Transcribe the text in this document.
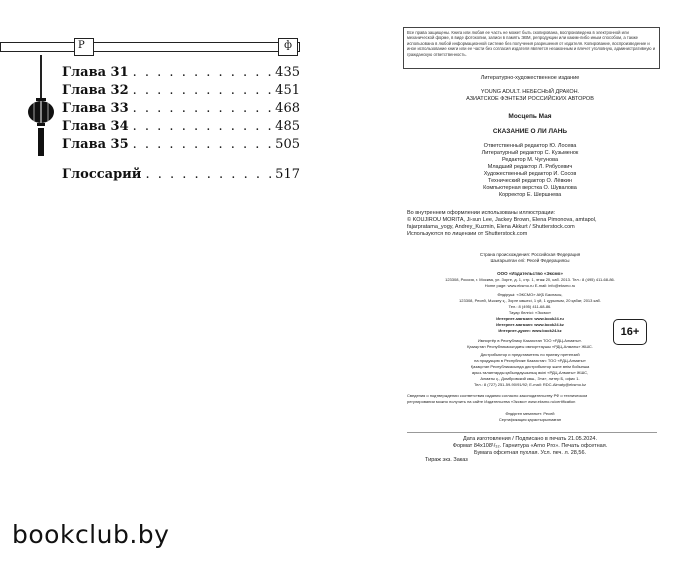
P	ф
Глава 31 . . .	435
Глава 32 . . .	451
Глава 33 . . .	468
Глава 34 . . .	485
Глава 35 . . .	505
Глоссарий . . .	517
bookclub.by
Все права защищены. Книга или любая ее часть не может быть скопирована, воспроизведена в электронной или механической форме, в виде фотокопии, записи в память ЭВМ, репродукции или каким-либо иным способом, а также использована в любой информационной системе без получения разрешения от издателя. Копирование, воспроизведение и иное использование книги или ее части без согласия издателя является незаконным и влечет уголовную, административную и гражданскую ответственность.
Литературно-художественное издание
YOUNG ADULT. НЕБЕСНЫЙ ДРАКОН.
АЗИАТСКОЕ ФЭНТЕЗИ РОССИЙСКИХ АВТОРОВ
Мосцепь Мая
СКАЗАНИЕ О ЛИ ЛАНЬ
Ответственный редактор Ю. Лосева
Литературный редактор С. Кузьменок
Редактор М. Чугунова
Младший редактор Л. Рябусевич
Художественный редактор И. Сосов
Технический редактор О. Лёвкин
Компьютерная верстка О. Шувалова
Корректор Е. Шершнева
Во внутреннем оформлении использованы иллюстрации:
© KOUJIROU MORITA, Ji-sun Lee, Jackey Brown, Elena Pimonova, amtapol,
fajarpratama_yogy, Andrey_Kuzmin, Elena Akkurt / Shutterstock.com
Используются по лицензии от Shutterstock.com
Страна происхождения: Российская Федерация
Шығарылған елі: Ресей Федерациясы
ООО «Издательство «Эксмо»
123308, Россия, г. Москва, ул. Зорге, д. 1, стр. 1, этаж 20, каб. 2013. Тел.: 8 (495) 411-68-86.
Home page: www.eksmo.ru E-mail: info@eksmo.ru
Өндіруші: «ЭКСМО» АҚБ Баспасы,
123308, Ресей, Мәскеу қ., Зорге көшесі, 1 үй, 1 құрылым, 20 қабат, 2013 каб.
Тел.: 8 (495) 411-68-86.
Тауар белгісі: «Эксмо»
Интернет-магазин: www.book24.ru
Интернет-магазин: www.book24.kz
Интернет-дүкен: www.book24.kz	16+
Импортёр в Республику Казахстан ТОО «РДЦ-Алматы».
Қазақстан Республикасындағы импорттаушы «РДЦ-Алматы» ЖШС.
Дистрибьютор и представитель по приему претензий
на продукцию в Республике Казахстан: ТОО «РДЦ-Алматы»
Қазақстан Республикасында дистрибьютор және өнім бойынша
арыз-талаптарды қабылдаушының өкілі «РДЦ-Алматы» ЖШС,
Алматы қ., Домбровский көш., 3«а», литер Б, офис 1.
Тел.: 8 (727) 251-59-90/91/92; E-mail: RDC-Almaty@eksmo.kz
Сведения о подтверждении соответствия издания согласно законодательству РФ о техническом
регулировании можно получить на сайте Издательства «Эксмо» www.eksmo.ru/certification
Өндірген мемлекет: Ресей
Сертификация қарастырылмаған
Дата изготовления / Подписано в печать 21.05.2024.
Формат 84x108¹/₃₂. Гарнитура «Arno Pro». Печать офсетная.
Бумага офсетная пухлая. Усл. печ. л. 28,56.
Тираж экз. Заказ
